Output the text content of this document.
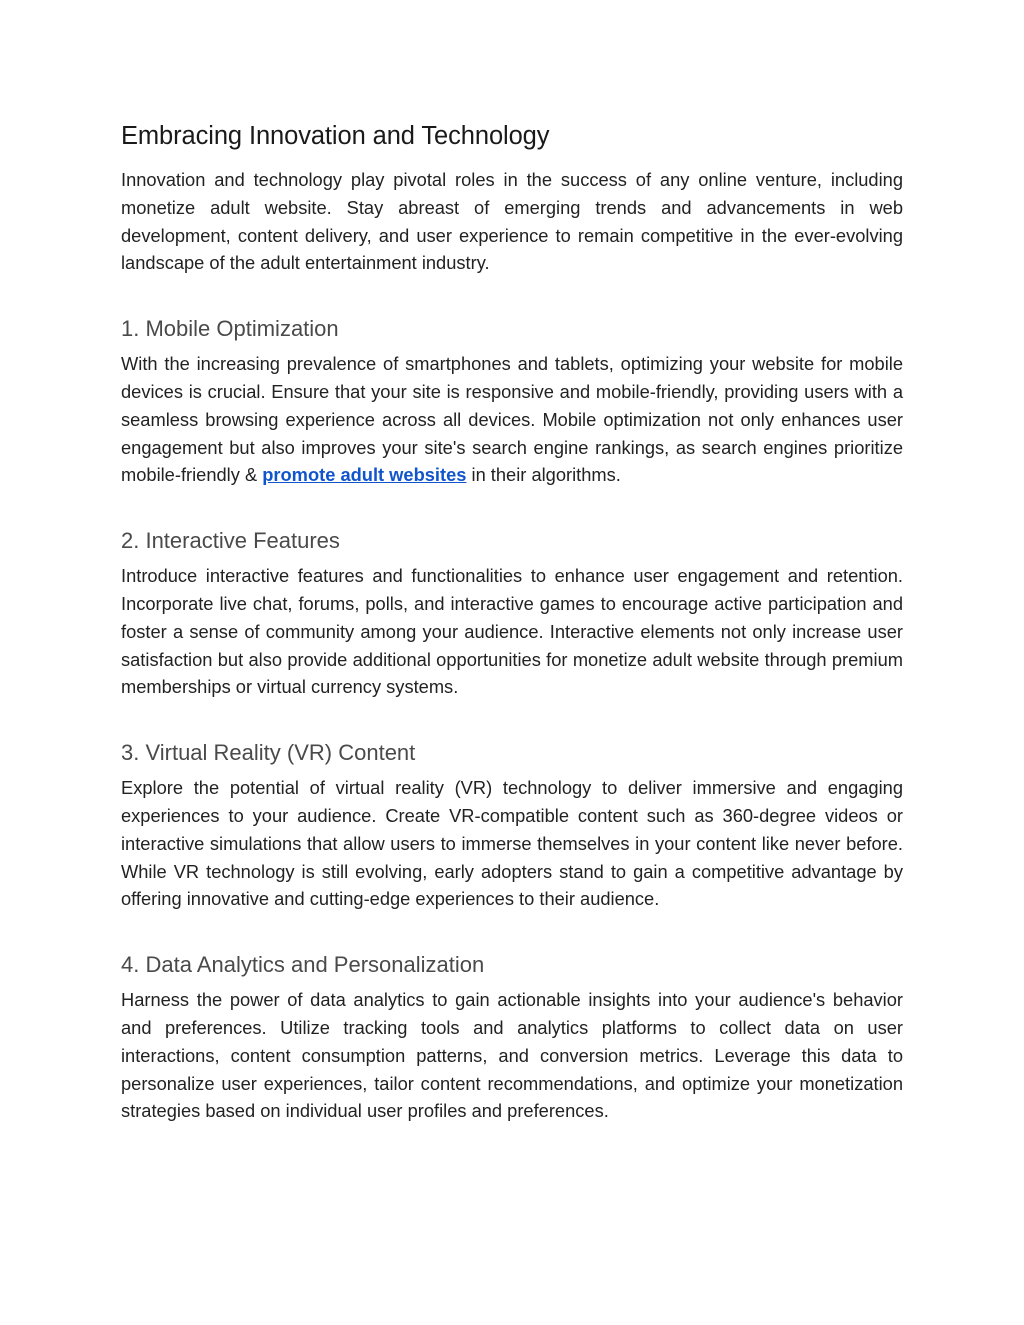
Embracing Innovation and Technology

Innovation and technology play pivotal roles in the success of any online venture, including monetize adult website. Stay abreast of emerging trends and advancements in web development, content delivery, and user experience to remain competitive in the ever-evolving landscape of the adult entertainment industry.

1. Mobile Optimization

With the increasing prevalence of smartphones and tablets, optimizing your website for mobile devices is crucial. Ensure that your site is responsive and mobile-friendly, providing users with a seamless browsing experience across all devices. Mobile optimization not only enhances user engagement but also improves your site's search engine rankings, as search engines prioritize mobile-friendly & promote adult websites in their algorithms.

2. Interactive Features

Introduce interactive features and functionalities to enhance user engagement and retention. Incorporate live chat, forums, polls, and interactive games to encourage active participation and foster a sense of community among your audience. Interactive elements not only increase user satisfaction but also provide additional opportunities for monetize adult website through premium memberships or virtual currency systems.

3. Virtual Reality (VR) Content

Explore the potential of virtual reality (VR) technology to deliver immersive and engaging experiences to your audience. Create VR-compatible content such as 360-degree videos or interactive simulations that allow users to immerse themselves in your content like never before. While VR technology is still evolving, early adopters stand to gain a competitive advantage by offering innovative and cutting-edge experiences to their audience.

4. Data Analytics and Personalization

Harness the power of data analytics to gain actionable insights into your audience's behavior and preferences. Utilize tracking tools and analytics platforms to collect data on user interactions, content consumption patterns, and conversion metrics. Leverage this data to personalize user experiences, tailor content recommendations, and optimize your monetization strategies based on individual user profiles and preferences.
